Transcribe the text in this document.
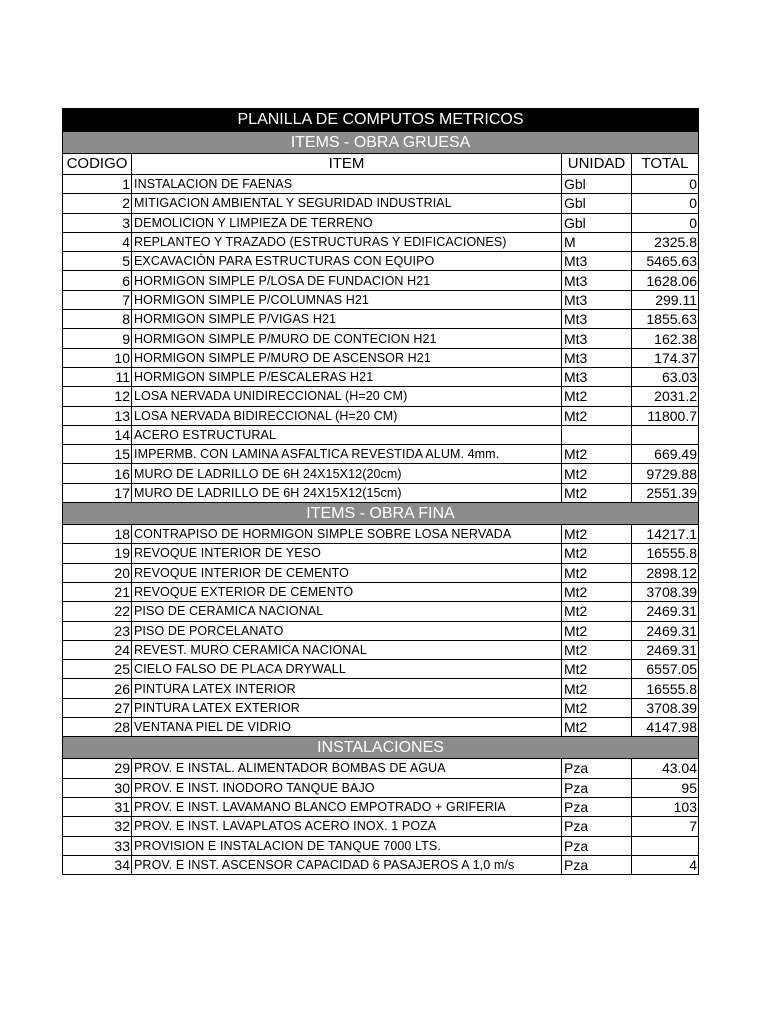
PLANILLA DE COMPUTOS METRICOS			
ITEMS - OBRA GRUESA			
CODIGO	ITEM	UNIDAD	TOTAL
1	INSTALACION DE FAENAS	Gbl	0
2	MITIGACION AMBIENTAL Y SEGURIDAD INDUSTRIAL	Gbl	0
3	DEMOLICION Y LIMPIEZA DE TERRENO	Gbl	0
4	REPLANTEO Y TRAZADO (ESTRUCTURAS Y EDIFICACIONES)	M	2325.8
5	EXCAVACIÓN PARA ESTRUCTURAS CON EQUIPO	Mt3	5465.63
6	HORMIGON SIMPLE P/LOSA DE FUNDACION H21	Mt3	1628.06
7	HORMIGON SIMPLE P/COLUMNAS H21	Mt3	299.11
8	HORMIGON SIMPLE P/VIGAS H21	Mt3	1855.63
9	HORMIGON SIMPLE P/MURO DE CONTECION H21	Mt3	162.38
10	HORMIGON SIMPLE P/MURO DE ASCENSOR H21	Mt3	174.37
11	HORMIGON SIMPLE P/ESCALERAS H21	Mt3	63.03
12	LOSA NERVADA UNIDIRECCIONAL (H=20 CM)	Mt2	2031.2
13	LOSA NERVADA BIDIRECCIONAL (H=20 CM)	Mt2	11800.7
14	ACERO ESTRUCTURAL		
15	IMPERMB. CON LAMINA ASFALTICA REVESTIDA ALUM. 4mm.	Mt2	669.49
16	MURO DE LADRILLO DE 6H 24X15X12(20cm)	Mt2	9729.88
17	MURO DE LADRILLO DE 6H 24X15X12(15cm)	Mt2	2551.39
ITEMS - OBRA FINA			
18	CONTRAPISO DE HORMIGON SIMPLE SOBRE LOSA NERVADA	Mt2	14217.1
19	REVOQUE INTERIOR DE YESO	Mt2	16555.8
20	REVOQUE INTERIOR DE CEMENTO	Mt2	2898.12
21	REVOQUE EXTERIOR DE CEMENTO	Mt2	3708.39
22	PISO DE CERAMICA NACIONAL	Mt2	2469.31
23	PISO DE PORCELANATO	Mt2	2469.31
24	REVEST. MURO CERAMICA NACIONAL	Mt2	2469.31
25	CIELO FALSO DE PLACA DRYWALL	Mt2	6557.05
26	PINTURA LATEX INTERIOR	Mt2	16555.8
27	PINTURA LATEX EXTERIOR	Mt2	3708.39
28	VENTANA PIEL DE VIDRIO	Mt2	4147.98
INSTALACIONES			
29	PROV. E INSTAL. ALIMENTADOR BOMBAS DE AGUA	Pza	43.04
30	PROV. E INST. INODORO TANQUE BAJO	Pza	95
31	PROV. E INST. LAVAMANO BLANCO EMPOTRADO + GRIFERIA	Pza	103
32	PROV. E INST. LAVAPLATOS ACERO INOX. 1 POZA	Pza	7
33	PROVISION E INSTALACION DE TANQUE 7000 LTS.	Pza	
34	PROV. E INST. ASCENSOR CAPACIDAD 6 PASAJEROS A 1,0 m/s	Pza	4
